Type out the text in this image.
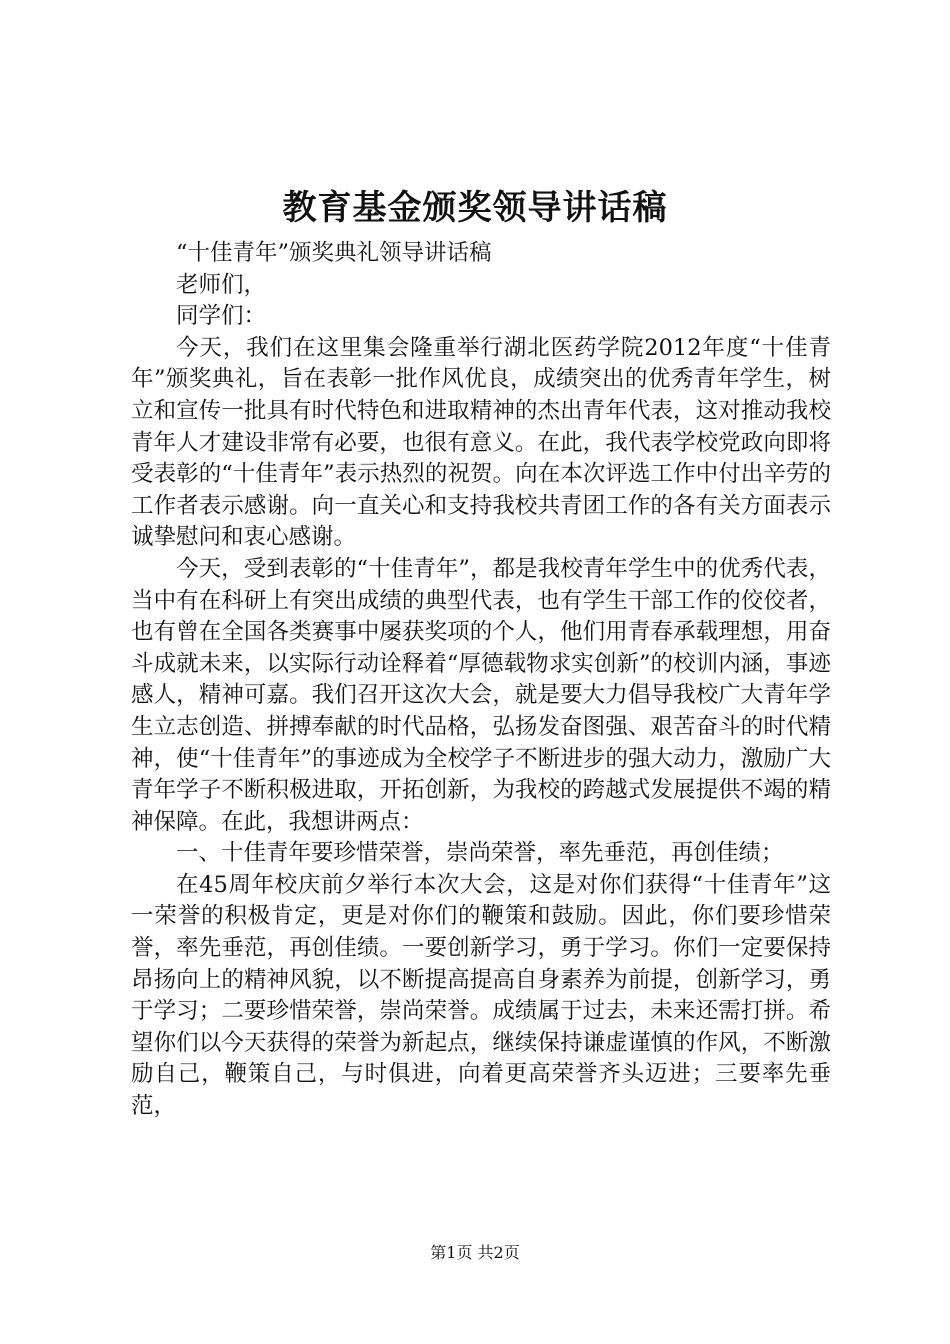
教育基金颁奖领导讲话稿

“十佳青年”颁奖典礼领导讲话稿

老师们，

同学们：

今天，我们在这里集会隆重举行湖北医药学院2012年度“十佳青年”颁奖典礼，旨在表彰一批作风优良，成绩突出的优秀青年学生，树立和宣传一批具有时代特色和进取精神的杰出青年代表，这对推动我校青年人才建设非常有必要，也很有意义。在此，我代表学校党政向即将受表彰的“十佳青年”表示热烈的祝贺。向在本次评选工作中付出辛劳的工作者表示感谢。向一直关心和支持我校共青团工作的各有关方面表示诚挚慰问和衷心感谢。

今天，受到表彰的“十佳青年”，都是我校青年学生中的优秀代表，当中有在科研上有突出成绩的典型代表，也有学生干部工作的佼佼者，也有曾在全国各类赛事中屡获奖项的个人，他们用青春承载理想，用奋斗成就未来，以实际行动诠释着“厚德载物求实创新”的校训内涵，事迹感人，精神可嘉。我们召开这次大会，就是要大力倡导我校广大青年学生立志创造、拼搏奉献的时代品格，弘扬发奋图强、艰苦奋斗的时代精神，使“十佳青年”的事迹成为全校学子不断进步的强大动力，激励广大青年学子不断积极进取，开拓创新，为我校的跨越式发展提供不竭的精神保障。在此，我想讲两点：

一、十佳青年要珍惜荣誉，崇尚荣誉，率先垂范，再创佳绩；

在45周年校庆前夕举行本次大会，这是对你们获得“十佳青年”这一荣誉的积极肯定，更是对你们的鞭策和鼓励。因此，你们要珍惜荣誉，率先垂范，再创佳绩。一要创新学习，勇于学习。你们一定要保持昂扬向上的精神风貌，以不断提高提高自身素养为前提，创新学习，勇于学习；二要珍惜荣誉，崇尚荣誉。成绩属于过去，未来还需打拼。希望你们以今天获得的荣誉为新起点，继续保持谦虚谨慎的作风，不断激励自己，鞭策自己，与时俱进，向着更高荣誉齐头迈进；三要率先垂范，

第1页 共2页
